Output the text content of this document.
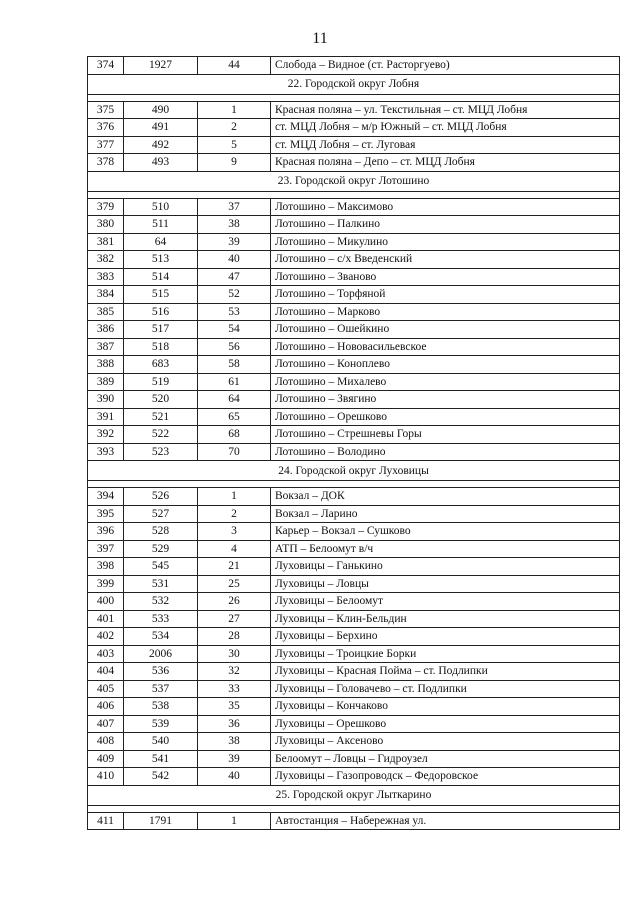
11
374	1927	44	Слобода – Видное (ст. Расторгуево)
22. Городской округ Лобня			

375	490	1	Красная поляна – ул. Текстильная – ст. МЦД Лобня
376	491	2	ст. МЦД Лобня – м/р Южный – ст. МЦД Лобня
377	492	5	ст. МЦД Лобня – ст. Луговая
378	493	9	Красная поляна – Депо – ст. МЦД Лобня
23. Городской округ Лотошино			

379	510	37	Лотошино – Максимово
380	511	38	Лотошино – Палкино
381	64	39	Лотошино – Микулино
382	513	40	Лотошино – с/х Введенский
383	514	47	Лотошино – Званово
384	515	52	Лотошино – Торфяной
385	516	53	Лотошино – Марково
386	517	54	Лотошино – Ошейкино
387	518	56	Лотошино – Нововасильевское
388	683	58	Лотошино – Коноплево
389	519	61	Лотошино – Михалево
390	520	64	Лотошино – Звягино
391	521	65	Лотошино – Орешково
392	522	68	Лотошино – Стрешневы Горы
393	523	70	Лотошино – Володино
24. Городской округ Луховицы			

394	526	1	Вокзал – ДОК
395	527	2	Вокзал – Ларино
396	528	3	Карьер – Вокзал – Сушково
397	529	4	АТП – Белоомут в/ч
398	545	21	Луховицы – Ганькино
399	531	25	Луховицы – Ловцы
400	532	26	Луховицы – Белоомут
401	533	27	Луховицы – Клин-Бельдин
402	534	28	Луховицы – Берхино
403	2006	30	Луховицы – Троицкие Борки
404	536	32	Луховицы – Красная Пойма – ст. Подлипки
405	537	33	Луховицы – Головачево – ст. Подлипки
406	538	35	Луховицы – Кончаково
407	539	36	Луховицы – Орешково
408	540	38	Луховицы – Аксеново
409	541	39	Белоомут – Ловцы – Гидроузел
410	542	40	Луховицы – Газопроводск – Федоровское
25. Городской округ Лыткарино			

411	1791	1	Автостанция – Набережная ул.
